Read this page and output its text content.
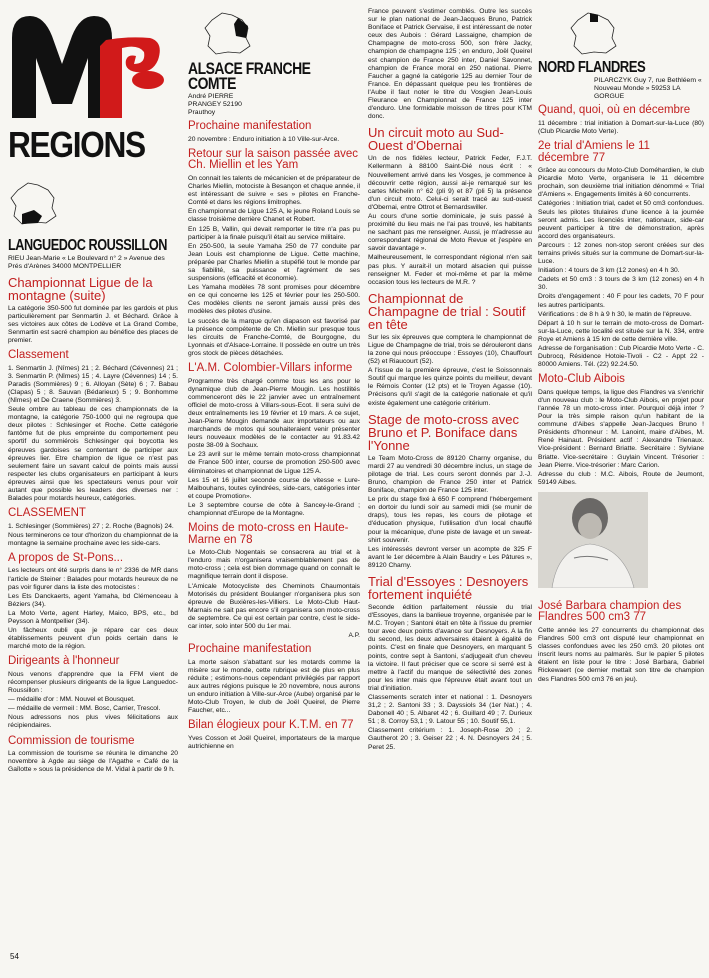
REGIONS
LANGUEDOC ROUSSILLON
RIEU Jean-Marie « Le Boulevard n° 2 » Avenue des Prés d'Arènes 34000 MONTPELLIER
Championnat Ligue de la montagne (suite)

La catégorie 350-500 fut dominée par les gardois et plus particulièrement par Senmartin J. et Béchard. Grâce à ses victoires aux côtes de Lodève et La Grand Combe, Senmartin est sacré champion au bénéfice des places de premier.

Classement

1. Senmartin J. (Nîmes) 21 ; 2. Béchard (Cévennes) 21 ; 3. Senmartin P. (Nîmes) 15 ; 4. Layre (Cévennes) 14 ; 5. Paradis (Sommières) 9 ; 6. Alloyan (Sète) 6 ; 7. Babau (Clapas) 5 ; 8. Sauvan (Bédarieux) 5 ; 9. Bonhomme (Nîmes) et De Craene (Sommières) 3.

Seule ombre au tableau de ces championnats de la montagne, la catégorie 750-1000 qui ne regroupa que deux pilotes : Schlesinger et Roche. Cette catégorie fantôme fut de plus empreinte du comportement peu sportif du sommiérois Schlesinger qui boycotta les épreuves gardoises se contentant de participer aux épreuves lier. Etre champion de ligue ce n'est pas seulement faire un savant calcul de points mais aussi respecter les clubs organisateurs en participant à leurs épreuves ainsi que les spectateurs venus pour voir autant que possible les leaders des diverses ner : Balades pour motards heureux, catégories.

CLASSEMENT

1. Schlesinger (Sommières) 27 ; 2. Roche (Bagnols) 24.

Nous terminerons ce tour d'horizon du championnat de la montagne la semaine prochaine avec les side-cars.

A propos de St-Pons...

Les lecteurs ont été surpris dans le n° 2336 de MR dans l'article de Steiner : Balades pour motards heureux de ne pas voir figurer dans la liste des motocistes :

Les Ets Danckaerts, agent Yamaha, bd Clémenceau à Béziers (34).

La Moto Verte, agent Harley, Maico, BPS, etc., bd Peysson à Montpellier (34).

Un fâcheux oubli que je répare car ces deux établissements peuvent d'un poids certain dans le marché moto de la région.

Dirigeants à l'honneur

Nous venons d'apprendre que la FFM vient de récompenser plusieurs dirigeants de la ligue Languedoc-Roussillon :

— médaille d'or : MM. Nouvel et Bousquet.

— médaille de vermeil : MM. Bosc, Carrier, Trescol.

Nous adressons nos plus vives félicitations aux récipiendaires.

Commission de tourisme

La commission de tourisme se réunira le dimanche 20 novembre à Agde au siège de l'Agathe « Café de la Gaîlotte » sous la présidence de M. Vidal à partir de 9 h.

54
ALSACE FRANCHE COMTE
André PIERRE PRANGEY 52190 Prauthoy
Prochaine manifestation

20 novembre : Enduro initiation à 10 Ville-sur-Arce.

Retour sur la saison passée avec Ch. Miellin et les Yam

On connait les talents de mécanicien et de préparateur de Charles Miellin, motociste à Besançon et chaque année, il est intéressant de suivre « ses » pilotes en Franche-Comté et dans les régions limitrophes.

En championnat de Ligue 125 A, le jeune Roland Louis se classe troisième derrière Chanet et Robert.

En 125 B, Vallin, qui devait remporter le titre n'a pas pu participer à la finale puisqu'il était au service militaire.

En 250-500, la seule Yamaha 250 de 77 conduite par Jean Louis est championne de Ligue. Cette machine, préparée par Charles Miellin a stupéfié tout le monde par sa fiabilité, sa puissance et l'agrément de ses suspensions (efficacité et économie).

Les Yamaha modèles 78 sont promises pour décembre en ce qui concerne les 125 et février pour les 250-500. Ces modèles clients ne seront jamais aussi près des modèles des pilotes d'usine.

Le succès de la marque qu'en diapason est favorisé par la présence compétente de Ch. Miellin sur presque tous les circuits de Franche-Comté, de Bourgogne, du Lyonnais et d'Alsace-Lorraine. Il possède en outre un très gros stock de pièces détachées.

L'A.M. Colombier-Villars informe

Programme très chargé comme tous les ans pour le dynamique club de Jean-Pierre Mougin. Les hostilités commenceront dès le 22 janvier avec un entraînement officiel de moto-cross à Villars-sous-Ecot. Il sera suivi de deux entraînements les 19 février et 19 mars. A ce sujet, Jean-Pierre Mougin demande aux importateurs ou aux marchands de motos qui souhaiteraient venir présenter leurs nouveaux modèles de le contacter au 91.83.42 poste 38-09 à Sochaux.

Le 23 avril sur le même terrain moto-cross championnat de France 500 inter, course de promotion 250-500 avec éliminatoires et championnat de Ligue 125 A.

Les 15 et 16 juillet seconde course de vitesse « Lure-Malbouhans, toutes cylindrées, side-cars, catégories inter et coupe Promotion».

Le 3 septembre course de côte à Sancey-le-Grand ; championnat d'Europe de la Montagne.

Moins de moto-cross en Haute-Marne en 78

Le Moto-Club Nogentais se consacrera au trial et à l'enduro mais n'organisera vraisemblablement pas de moto-cross ; cela est bien dommage quand on connaît le magnifique terrain dont il dispose.

L'Amicale Motocycliste des Cheminots Chaumontais Motorisés du président Boulanger n'organisera plus son épreuve de Buxières-les-Villiers. Le Moto-Club Haut-Marnais ne sait pas encore s'il organisera son moto-cross de septembre. Ce qui est certain par contre, c'est le side-car inter, solo inter 500 du 1er mai.

A.P.
Prochaine manifestation

La morte saison s'abattant sur les motards comme la misère sur le monde, cette rubrique est de plus en plus réduite ; estimons-nous cependant privilégiés par rapport aux autres régions puisque le 20 novembre, nous aurons un enduro initiation à Ville-sur-Arce (Aube) organisé par le Moto-Club Troyen, le club de Joël Queirel, de Pierre Faucher, etc...

Bilan élogieux pour K.T.M. en 77

Yves Cosson et Joël Queirel, importateurs de la marque autrichienne en

France peuvent s'estimer comblés. Outre les succès sur le plan national de Jean-Jacques Bruno, Patrick Boniface et Patrick Gervaise, il est intéressant de noter ceux des Aubois : Gérard Lassaigne, champion de Champagne de moto-cross 500, son frère Jacky, champion de champagne 125 ; en enduro, Joël Queirel est champion de France 250 inter, Daniel Savonnet, champion de France moral en 250 national. Pierre Faucher a gagné la catégorie 125 au dernier Tour de France. En dépassant quelque peu les frontières de l'Aube il faut noter le titre du Vosgien Jean-Louis Fleurance en Championnat de France 125 inter d'enduro. Une formidable moisson de titres pour KTM donc.

Un circuit moto au Sud-Ouest d'Obernai

Un de nos fidèles lecteur, Patrick Feder, F.J.T. Kellermann à 88100 Saint-Dié nous écrit : « Nouvellement arrivé dans les Vosges, je commence à découvrir cette région, aussi ai-je remarqué sur les cartes Michelin n° 62 (pli 9) et 87 (pli 5) la présence d'un circuit moto. Celui-ci serait tracé au sud-ouest d'Obernai, entre Ottrot et Bernardswiller.

Au cours d'une sortie dominicale, je suis passé à proximité du lieu mais ne l'ai pas trouvé, les habitants ne sachant pas me renseigner. Aussi, je m'adresse au correspondant régional de Moto Revue et j'espère en savoir davantage ».

Malheureusement, le correspondant régional n'en sait pas plus. Y aurait-il un motard alsacien qui puisse renseigner M. Feder et moi-même et par la même occasion tous les lecteurs de M.R. ?

Championnat de Champagne de trial : Soutif en tête

Sur les six épreuves que comptera le championnat de Ligue de Champagne de trial, trois se dérouleront dans la zone qui nous préoccupe : Essoyes (10), Chauffourt (52) et Riaucourt (52).

A l'issue de la première épreuve, c'est le Soissonnais Soutif qui marque les quinze points du meilleur, devant le Rémois Conter (12 pts) et le Troyen Agasse (10). Précisons qu'il s'agit de la catégorie nationale et qu'il existe également une catégorie critérium.

Stage de moto-cross avec Bruno et P. Boniface dans l'Yonne

Le Team Moto-Cross de 89120 Charny organise, du mardi 27 au vendredi 30 décembre inclus, un stage de pilotage de trial. Les cours seront donnés par J.-J. Bruno, champion de France 250 inter et Patrick Boniface, champion de France 125 inter.

Le prix du stage fixé à 650 F comprend l'hébergement en dortoir du lundi soir au samedi midi (se munir de draps), tous les repas, les cours de pilotage et d'éducation physique, l'utilisation d'un local chauffé pour la mécanique, d'une piste de lavage et un sweat-shirt souvenir.

Les intéressés devront verser un acompte de 325 F avant le 1er décembre à Alain Baudry « Les Pâtures », 89120 Charny.

Trial d'Essoyes : Desnoyers fortement inquiété

Seconde édition parfaitement réussie du trial d'Essoyes, dans la banlieue troyenne, organisée par le M.C. Troyen ; Santoni était en tête à l'issue du premier tour avec deux points d'avance sur Desnoyers. A la fin du second, les deux adversaires étaient à égalité de points. C'est en finale que Desnoyers, en marquant 5 points, contre sept à Santoni, s'adjugeait d'un cheveu la victoire. Il faut préciser que ce score si serré est à mettre à l'actif du manque de sélectivité des zones pour les inter mais que l'épreuve était avant tout un trial d'initiation.

Classements scratch inter et national : 1. Desnoyers 31,2 ; 2. Santoni 33 ; 3. Dayssiols 34 (1er Nat.) ; 4. Dabonell 40 ; 5. Albaret 42 ; 6. Guillard 49 ; 7. Durieux 51 ; 8. Corroy 53,1 ; 9. Latour 55 ; 10. Soutif 55,1.

Classement critérium : 1. Joseph-Rose 20 ; 2. Gautherot 20 ; 3. Geiser 22 ; 4. N. Desnoyers 24 ; 5. Peret 25.

NORD FLANDRES
PILARCZYK Guy 7, rue Bethléem « Nouveau Monde » 59253 LA GORGUE
Quand, quoi, où en décembre

11 décembre : trial initiation à Domart-sur-la-Luce (80) (Club Picardie Moto Verte).

2e trial d'Amiens le 11 décembre 77

Grâce au concours du Moto-Club Doméhardien, le club Picardie Moto Verte, organisera le 11 décembre prochain, son deuxième trial initiation dénommé « Trial d'Amiens ». Engagements limités à 60 concurrents.

Catégories : Initiation trial, cadet et 50 cm3 confondues. Seuls les pilotes titulaires d'une licence à la journée seront admis. Les licenciés inter, nationaux, side-car peuvent participer à titre de démonstration, après accord des organisateurs.

Parcours : 12 zones non-stop seront créées sur des terrains privés situés sur la commune de Domart-sur-la-Luce.

Initiation : 4 tours de 3 km (12 zones) en 4 h 30.

Cadets et 50 cm3 : 3 tours de 3 km (12 zones) en 4 h 30.

Droits d'engagement : 40 F pour les cadets, 70 F pour les autres participants.

Vérifications : de 8 h à 9 h 30, le matin de l'épreuve.

Départ à 10 h sur le terrain de moto-cross de Domart-sur-la-Luce, cette localité est située sur la N. 334, entre Roye et Amiens à 15 km de cette dernière ville.

Adresse de l'organisation : Cub Picardie Moto Verte - C. Dubrocq, Résidence Hotoie-Tivoli - C2 - Appt 22 - 80000 Amiens. Tél. (22) 92.24.50.

Moto-Club Aibois

Dans quelque temps, la ligue des Flandres va s'enrichir d'un nouveau club : le Moto-Club Aibois, en projet pour l'année 78 un moto-cross inter. Pourquoi déjà inter ? Pour la très simple raison qu'un habitant de la commune d'Aibes s'appelle Jean-Jacques Bruno ! Présidents d'honneur : M. Lanoint, maire d'Aibes, M. René Hainaut. Président actif : Alexandre Trienaux. Vice-président : Bernard Briatte. Secrétaire : Sylviane Briatte. Vice-secrétaire : Guylain Vincent. Trésorier : Jean Pierre. Vice-trésorier : Marc Carion.

Adresse du club : M.C. Aibois, Route de Jeumont, 59149 Aibes.

José Barbara champion des Flandres 500 cm3 77

Cette année les 27 concurrents du championnat des Flandres 500 cm3 ont disputé leur championnat en classes confondues avec les 250 cm3. 20 pilotes ont inscrit leurs noms au palmarès. Sur le papier 5 pilotes étaient en liste pour le titre : José Barbara, Gabriel Rickewaert (ce dernier mettait son titre de champion des Flandres 500 cm3 76 en jeu).
